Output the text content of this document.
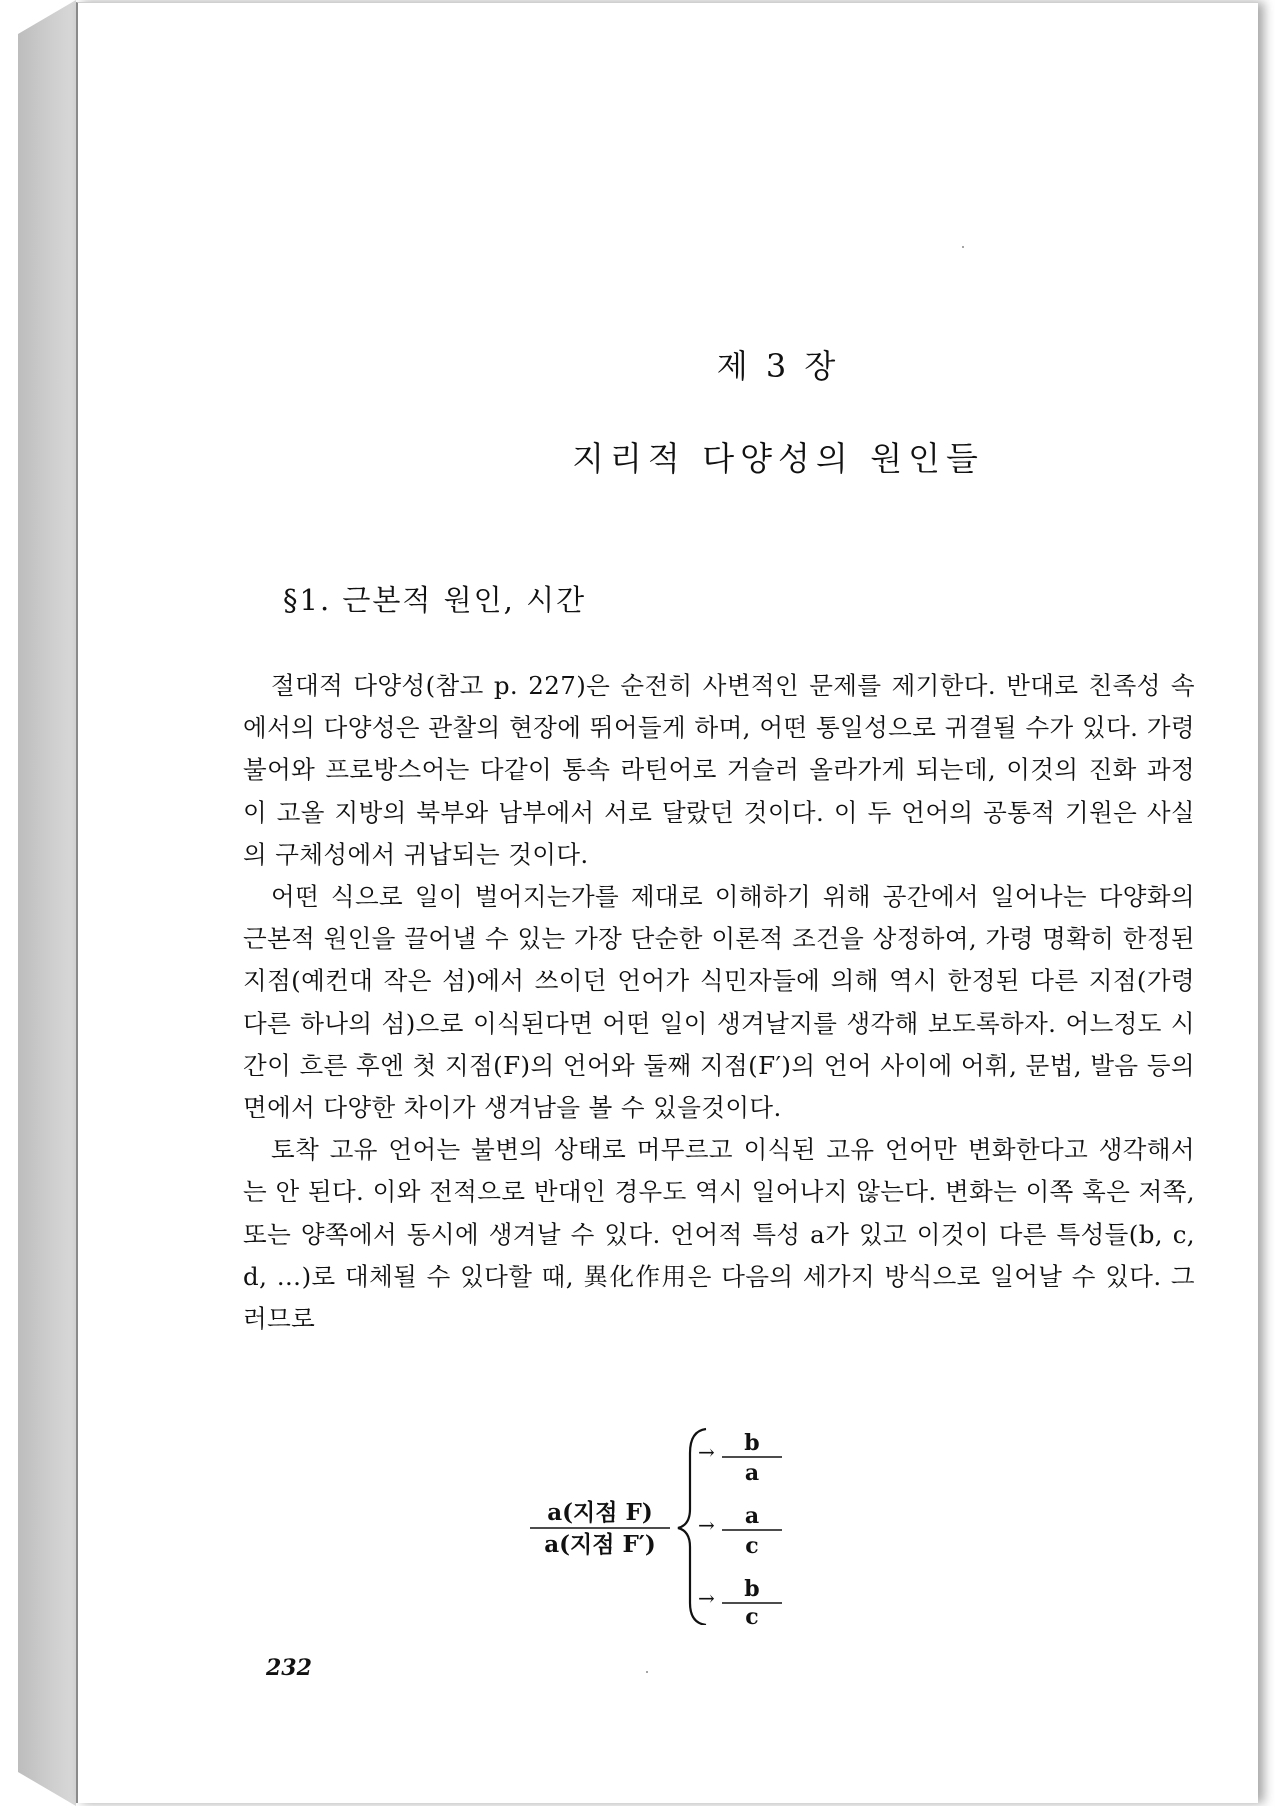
제 3 장
지리적 다양성의 원인들
§1. 근본적 원인, 시간

절대적 다양성(참고 p. 227)은 순전히 사변적인 문제를 제기한다. 반대로 친족성 속에서의 다양성은 관찰의 현장에 뛰어들게 하며, 어떤 통일성으로 귀결될 수가 있다. 가령 불어와 프로방스어는 다같이 통속 라틴어로 거슬러 올라가게 되는데, 이것의 진화 과정이 고올 지방의 북부와 남부에서 서로 달랐던 것이다. 이 두 언어의 공통적 기원은 사실의 구체성에서 귀납되는 것이다.

어떤 식으로 일이 벌어지는가를 제대로 이해하기 위해 공간에서 일어나는 다양화의 근본적 원인을 끌어낼 수 있는 가장 단순한 이론적 조건을 상정하여, 가령 명확히 한정된 지점(예컨대 작은 섬)에서 쓰이던 언어가 식민자들에 의해 역시 한정된 다른 지점(가령 다른 하나의 섬)으로 이식된다면 어떤 일이 생겨날지를 생각해 보도록하자. 어느정도 시간이 흐른 후엔 첫 지점(F)의 언어와 둘째 지점(F′)의 언어 사이에 어휘, 문법, 발음 등의 면에서 다양한 차이가 생겨남을 볼 수 있을것이다.

토착 고유 언어는 불변의 상태로 머무르고 이식된 고유 언어만 변화한다고 생각해서는 안 된다. 이와 전적으로 반대인 경우도 역시 일어나지 않는다. 변화는 이쪽 혹은 저쪽, 또는 양쪽에서 동시에 생겨날 수 있다. 언어적 특성 a가 있고 이것이 다른 특성들(b, c, d, …)로 대체될 수 있다할 때, 異化作用은 다음의 세가지 방식으로 일어날 수 있다. 그러므로

a(지점 F)
a(지점 F′)
→ b
a
→ a
c
→ b
c
232
